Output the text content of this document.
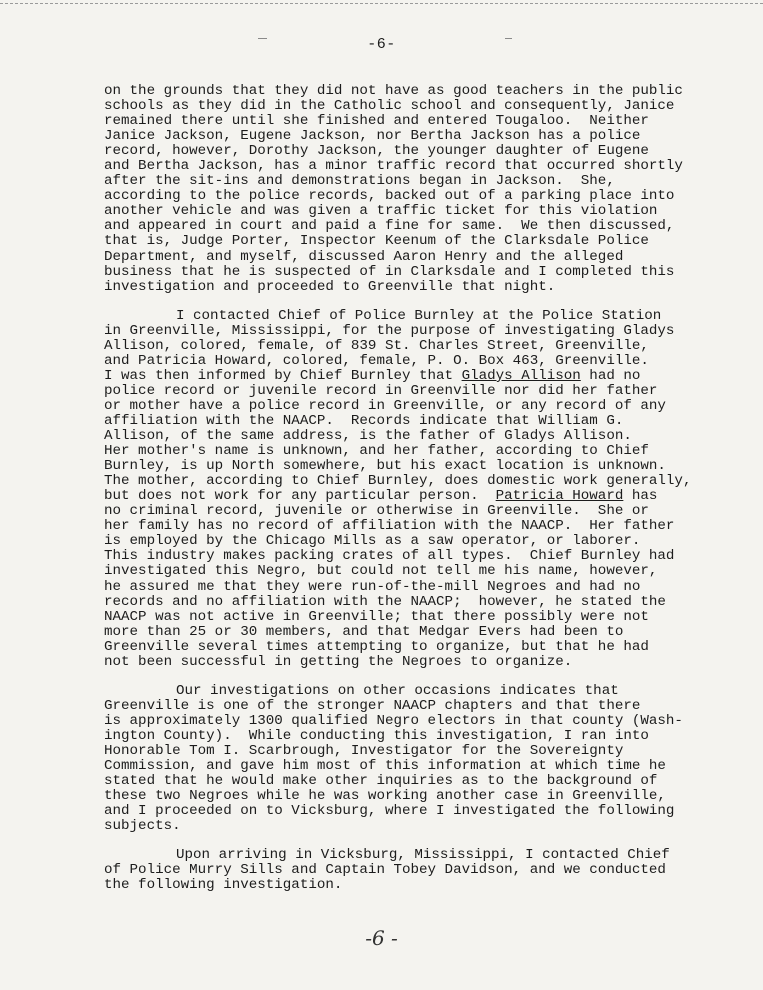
-6-
on the grounds that they did not have as good teachers in the public
schools as they did in the Catholic school and consequently, Janice
remained there until she finished and entered Tougaloo.  Neither
Janice Jackson, Eugene Jackson, nor Bertha Jackson has a police
record, however, Dorothy Jackson, the younger daughter of Eugene
and Bertha Jackson, has a minor traffic record that occurred shortly
after the sit-ins and demonstrations began in Jackson.  She,
according to the police records, backed out of a parking place into
another vehicle and was given a traffic ticket for this violation
and appeared in court and paid a fine for same.  We then discussed,
that is, Judge Porter, Inspector Keenum of the Clarksdale Police
Department, and myself, discussed Aaron Henry and the alleged
business that he is suspected of in Clarksdale and I completed this
investigation and proceeded to Greenville that night.
I contacted Chief of Police Burnley at the Police Station
in Greenville, Mississippi, for the purpose of investigating Gladys
Allison, colored, female, of 839 St. Charles Street, Greenville,
and Patricia Howard, colored, female, P. O. Box 463, Greenville.
I was then informed by Chief Burnley that Gladys Allison had no
police record or juvenile record in Greenville nor did her father
or mother have a police record in Greenville, or any record of any
affiliation with the NAACP.  Records indicate that William G.
Allison, of the same address, is the father of Gladys Allison.
Her mother's name is unknown, and her father, according to Chief
Burnley, is up North somewhere, but his exact location is unknown.
The mother, according to Chief Burnley, does domestic work generally,
but does not work for any particular person.  Patricia Howard has
no criminal record, juvenile or otherwise in Greenville.  She or
her family has no record of affiliation with the NAACP.  Her father
is employed by the Chicago Mills as a saw operator, or laborer.
This industry makes packing crates of all types.  Chief Burnley had
investigated this Negro, but could not tell me his name, however,
he assured me that they were run-of-the-mill Negroes and had no
records and no affiliation with the NAACP;  however, he stated the
NAACP was not active in Greenville; that there possibly were not
more than 25 or 30 members, and that Medgar Evers had been to
Greenville several times attempting to organize, but that he had
not been successful in getting the Negroes to organize.
Our investigations on other occasions indicates that
Greenville is one of the stronger NAACP chapters and that there
is approximately 1300 qualified Negro electors in that county (Wash-
ington County).  While conducting this investigation, I ran into
Honorable Tom I. Scarbrough, Investigator for the Sovereignty
Commission, and gave him most of this information at which time he
stated that he would make other inquiries as to the background of
these two Negroes while he was working another case in Greenville,
and I proceeded on to Vicksburg, where I investigated the following
subjects.
Upon arriving in Vicksburg, Mississippi, I contacted Chief
of Police Murry Sills and Captain Tobey Davidson, and we conducted
the following investigation.
-6 -
